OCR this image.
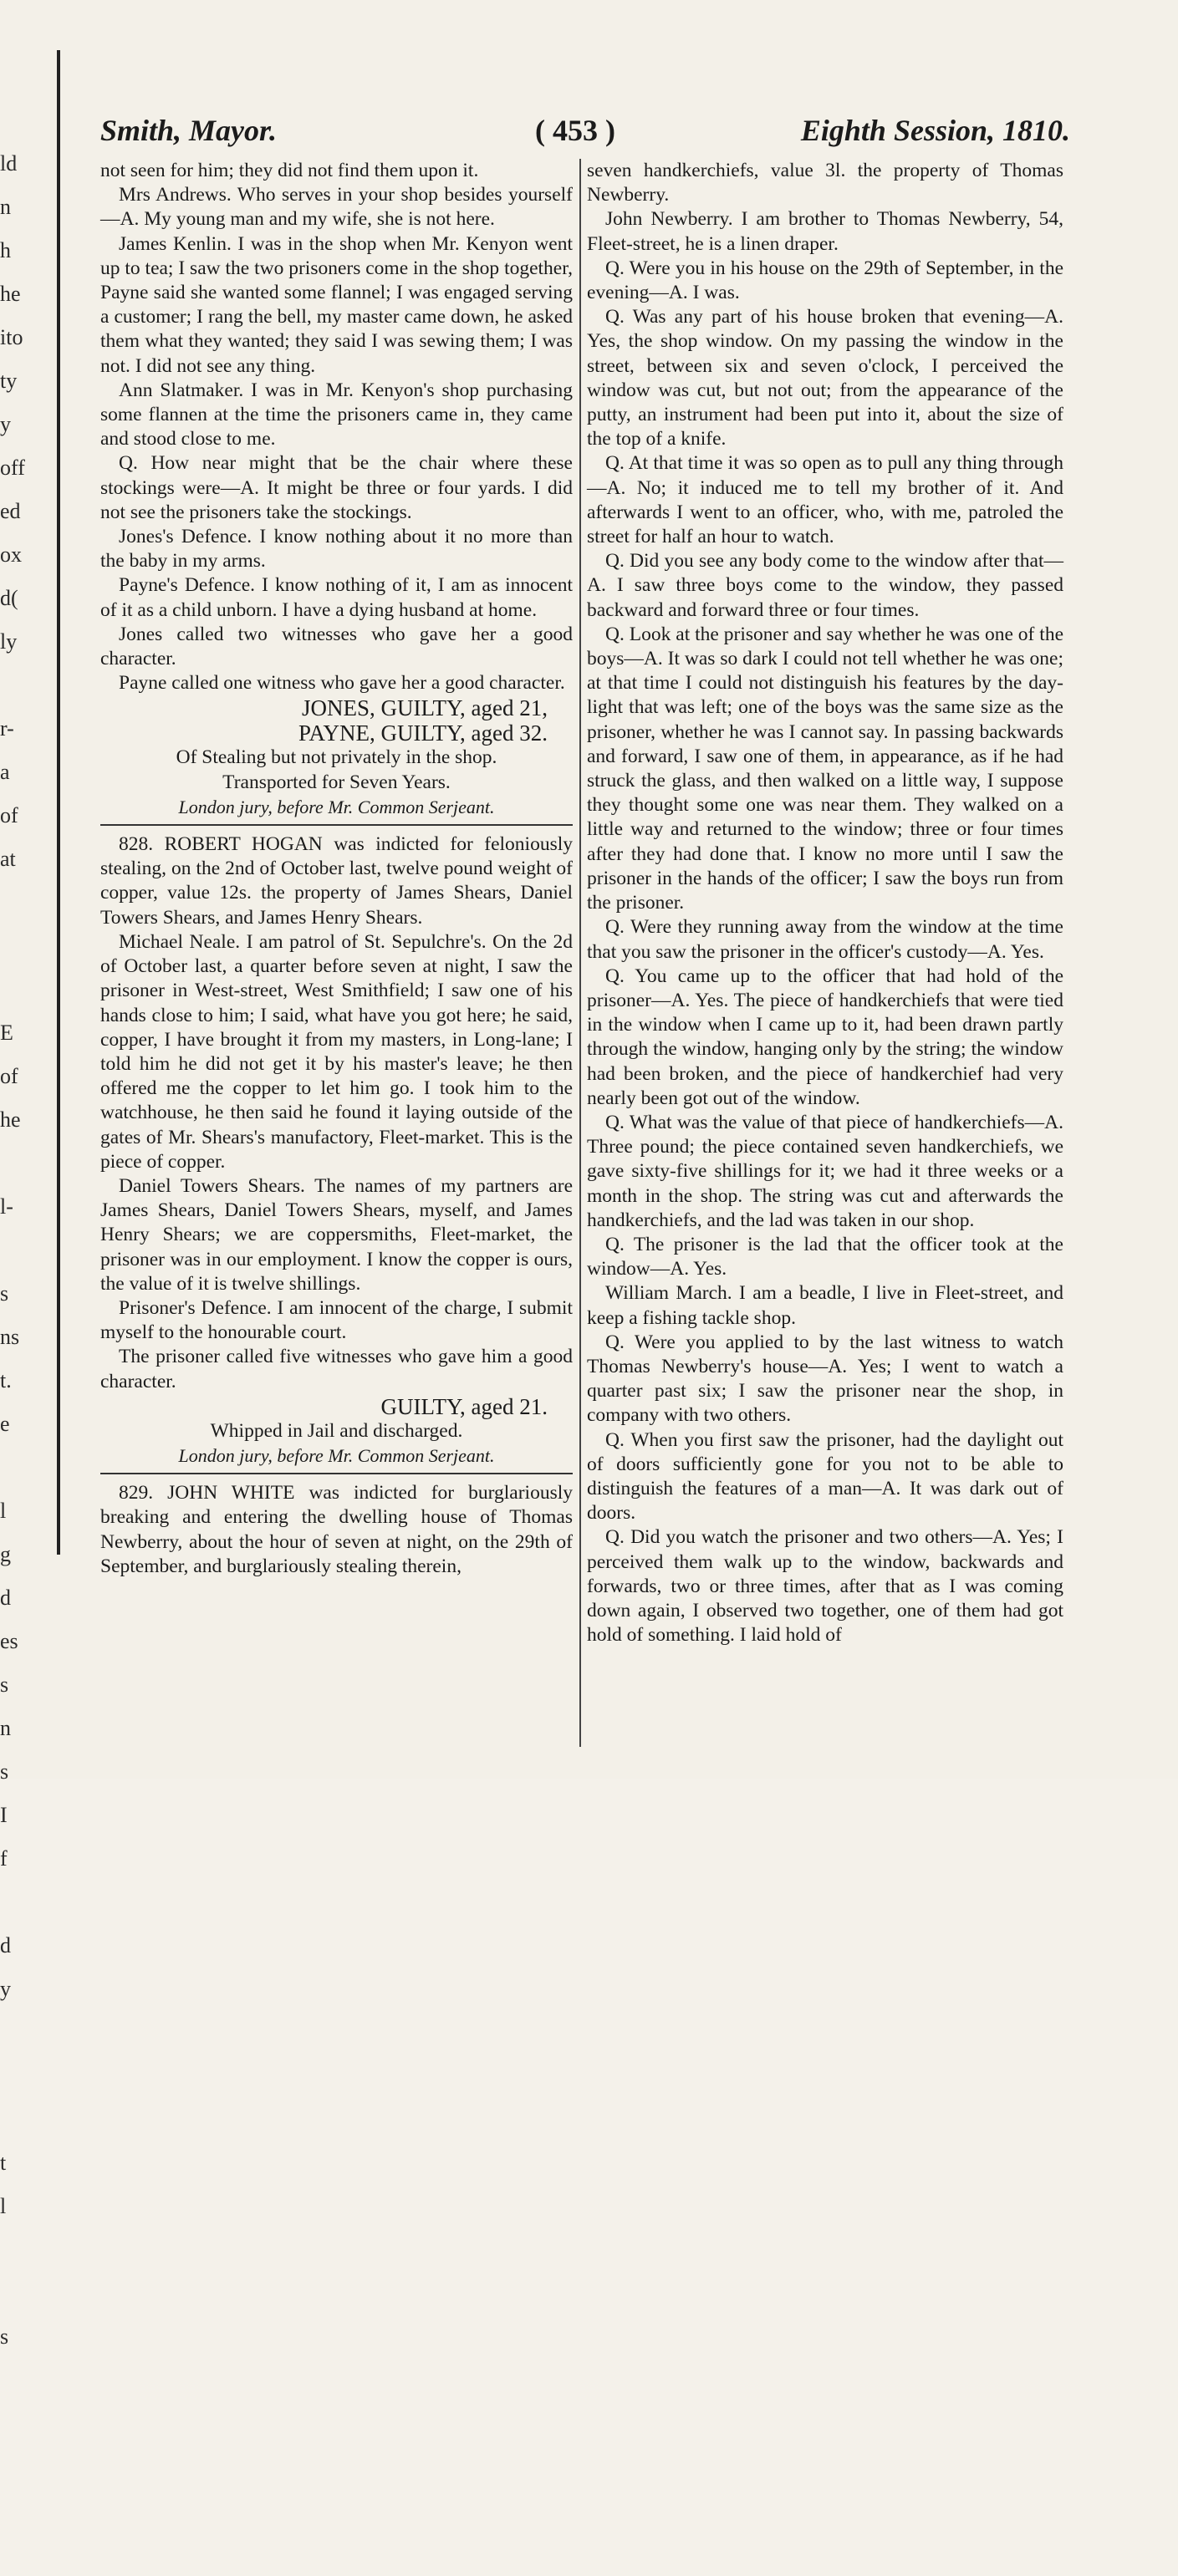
ld
n
h
he
ito
ty
y
off
ed
ox
d(
ly
r-
a
of
at
E
of
he
l-
s
ns
t.
e
l
g
d
es
s
n
s
I
f
d
y
t
l
s
Smith, Mayor.	( 453 )	Eighth Session, 1810.

not seen for him; they did not find them upon it.

Mrs Andrews. Who serves in your shop besides yourself—A. My young man and my wife, she is not here.

James Kenlin. I was in the shop when Mr. Kenyon went up to tea; I saw the two prisoners come in the shop together, Payne said she wanted some flannel; I was engaged serving a customer; I rang the bell, my master came down, he asked them what they wanted; they said I was sewing them; I was not. I did not see any thing.

Ann Slatmaker. I was in Mr. Kenyon's shop purchasing some flannen at the time the prisoners came in, they came and stood close to me.

Q. How near might that be the chair where these stockings were—A. It might be three or four yards. I did not see the prisoners take the stockings.

Jones's Defence. I know nothing about it no more than the baby in my arms.

Payne's Defence. I know nothing of it, I am as innocent of it as a child unborn. I have a dying husband at home.

Jones called two witnesses who gave her a good character.

Payne called one witness who gave her a good character.

JONES, GUILTY, aged 21,

PAYNE, GUILTY, aged 32.

Of Stealing but not privately in the shop.

Transported for Seven Years.

London jury, before Mr. Common Serjeant.

828. ROBERT HOGAN was indicted for feloniously stealing, on the 2nd of October last, twelve pound weight of copper, value 12s. the property of James Shears, Daniel Towers Shears, and James Henry Shears.

Michael Neale. I am patrol of St. Sepulchre's. On the 2d of October last, a quarter before seven at night, I saw the prisoner in West-street, West Smithfield; I saw one of his hands close to him; I said, what have you got here; he said, copper, I have brought it from my masters, in Long-lane; I told him he did not get it by his master's leave; he then offered me the copper to let him go. I took him to the watchhouse, he then said he found it laying outside of the gates of Mr. Shears's manufactory, Fleet-market. This is the piece of copper.

Daniel Towers Shears. The names of my partners are James Shears, Daniel Towers Shears, myself, and James Henry Shears; we are coppersmiths, Fleet-market, the prisoner was in our employment. I know the copper is ours, the value of it is twelve shillings.

Prisoner's Defence. I am innocent of the charge, I submit myself to the honourable court.

The prisoner called five witnesses who gave him a good character.

GUILTY, aged 21.

Whipped in Jail and discharged.

London jury, before Mr. Common Serjeant.

829. JOHN WHITE was indicted for burglariously breaking and entering the dwelling house of Thomas Newberry, about the hour of seven at night, on the 29th of September, and burglariously stealing therein,

seven handkerchiefs, value 3l. the property of Thomas Newberry.

John Newberry. I am brother to Thomas Newberry, 54, Fleet-street, he is a linen draper.

Q. Were you in his house on the 29th of September, in the evening—A. I was.

Q. Was any part of his house broken that evening—A. Yes, the shop window. On my passing the window in the street, between six and seven o'clock, I perceived the window was cut, but not out; from the appearance of the putty, an instrument had been put into it, about the size of the top of a knife.

Q. At that time it was so open as to pull any thing through—A. No; it induced me to tell my brother of it. And afterwards I went to an officer, who, with me, patroled the street for half an hour to watch.

Q. Did you see any body come to the window after that—A. I saw three boys come to the window, they passed backward and forward three or four times.

Q. Look at the prisoner and say whether he was one of the boys—A. It was so dark I could not tell whether he was one; at that time I could not distinguish his features by the day-light that was left; one of the boys was the same size as the prisoner, whether he was I cannot say. In passing backwards and forward, I saw one of them, in appearance, as if he had struck the glass, and then walked on a little way, I suppose they thought some one was near them. They walked on a little way and returned to the window; three or four times after they had done that. I know no more until I saw the prisoner in the hands of the officer; I saw the boys run from the prisoner.

Q. Were they running away from the window at the time that you saw the prisoner in the officer's custody—A. Yes.

Q. You came up to the officer that had hold of the prisoner—A. Yes. The piece of handkerchiefs that were tied in the window when I came up to it, had been drawn partly through the window, hanging only by the string; the window had been broken, and the piece of handkerchief had very nearly been got out of the window.

Q. What was the value of that piece of handkerchiefs—A. Three pound; the piece contained seven handkerchiefs, we gave sixty-five shillings for it; we had it three weeks or a month in the shop. The string was cut and afterwards the handkerchiefs, and the lad was taken in our shop.

Q. The prisoner is the lad that the officer took at the window—A. Yes.

William March. I am a beadle, I live in Fleet-street, and keep a fishing tackle shop.

Q. Were you applied to by the last witness to watch Thomas Newberry's house—A. Yes; I went to watch a quarter past six; I saw the prisoner near the shop, in company with two others.

Q. When you first saw the prisoner, had the daylight out of doors sufficiently gone for you not to be able to distinguish the features of a man—A. It was dark out of doors.

Q. Did you watch the prisoner and two others—A. Yes; I perceived them walk up to the window, backwards and forwards, two or three times, after that as I was coming down again, I observed two together, one of them had got hold of something. I laid hold of
